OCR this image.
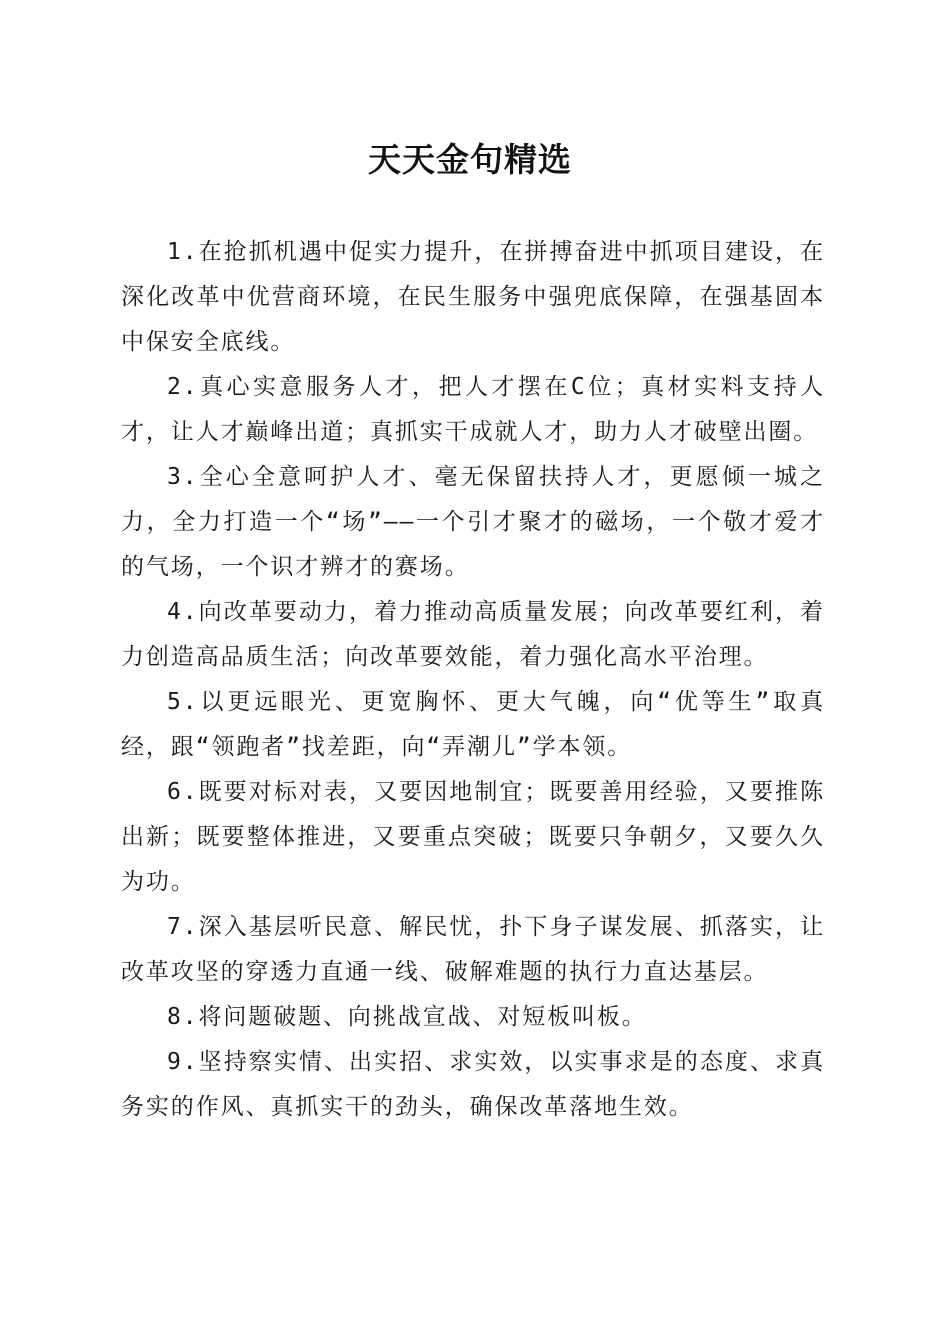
天天金句精选

1.在抢抓机遇中促实力提升，在拼搏奋进中抓项目建设，在深化改革中优营商环境，在民生服务中强兜底保障，在强基固本中保安全底线。

2.真心实意服务人才，把人才摆在C位；真材实料支持人才，让人才巅峰出道；真抓实干成就人才，助力人才破壁出圈。

3.全心全意呵护人才、毫无保留扶持人才，更愿倾一城之力，全力打造一个“场”——一个引才聚才的磁场，一个敬才爱才的气场，一个识才辨才的赛场。

4.向改革要动力，着力推动高质量发展；向改革要红利，着力创造高品质生活；向改革要效能，着力强化高水平治理。

5.以更远眼光、更宽胸怀、更大气魄，向“优等生”取真经，跟“领跑者”找差距，向“弄潮儿”学本领。

6.既要对标对表，又要因地制宜；既要善用经验，又要推陈出新；既要整体推进，又要重点突破；既要只争朝夕，又要久久为功。

7.深入基层听民意、解民忧，扑下身子谋发展、抓落实，让改革攻坚的穿透力直通一线、破解难题的执行力直达基层。

8.将问题破题、向挑战宣战、对短板叫板。

9.坚持察实情、出实招、求实效，以实事求是的态度、求真务实的作风、真抓实干的劲头，确保改革落地生效。
